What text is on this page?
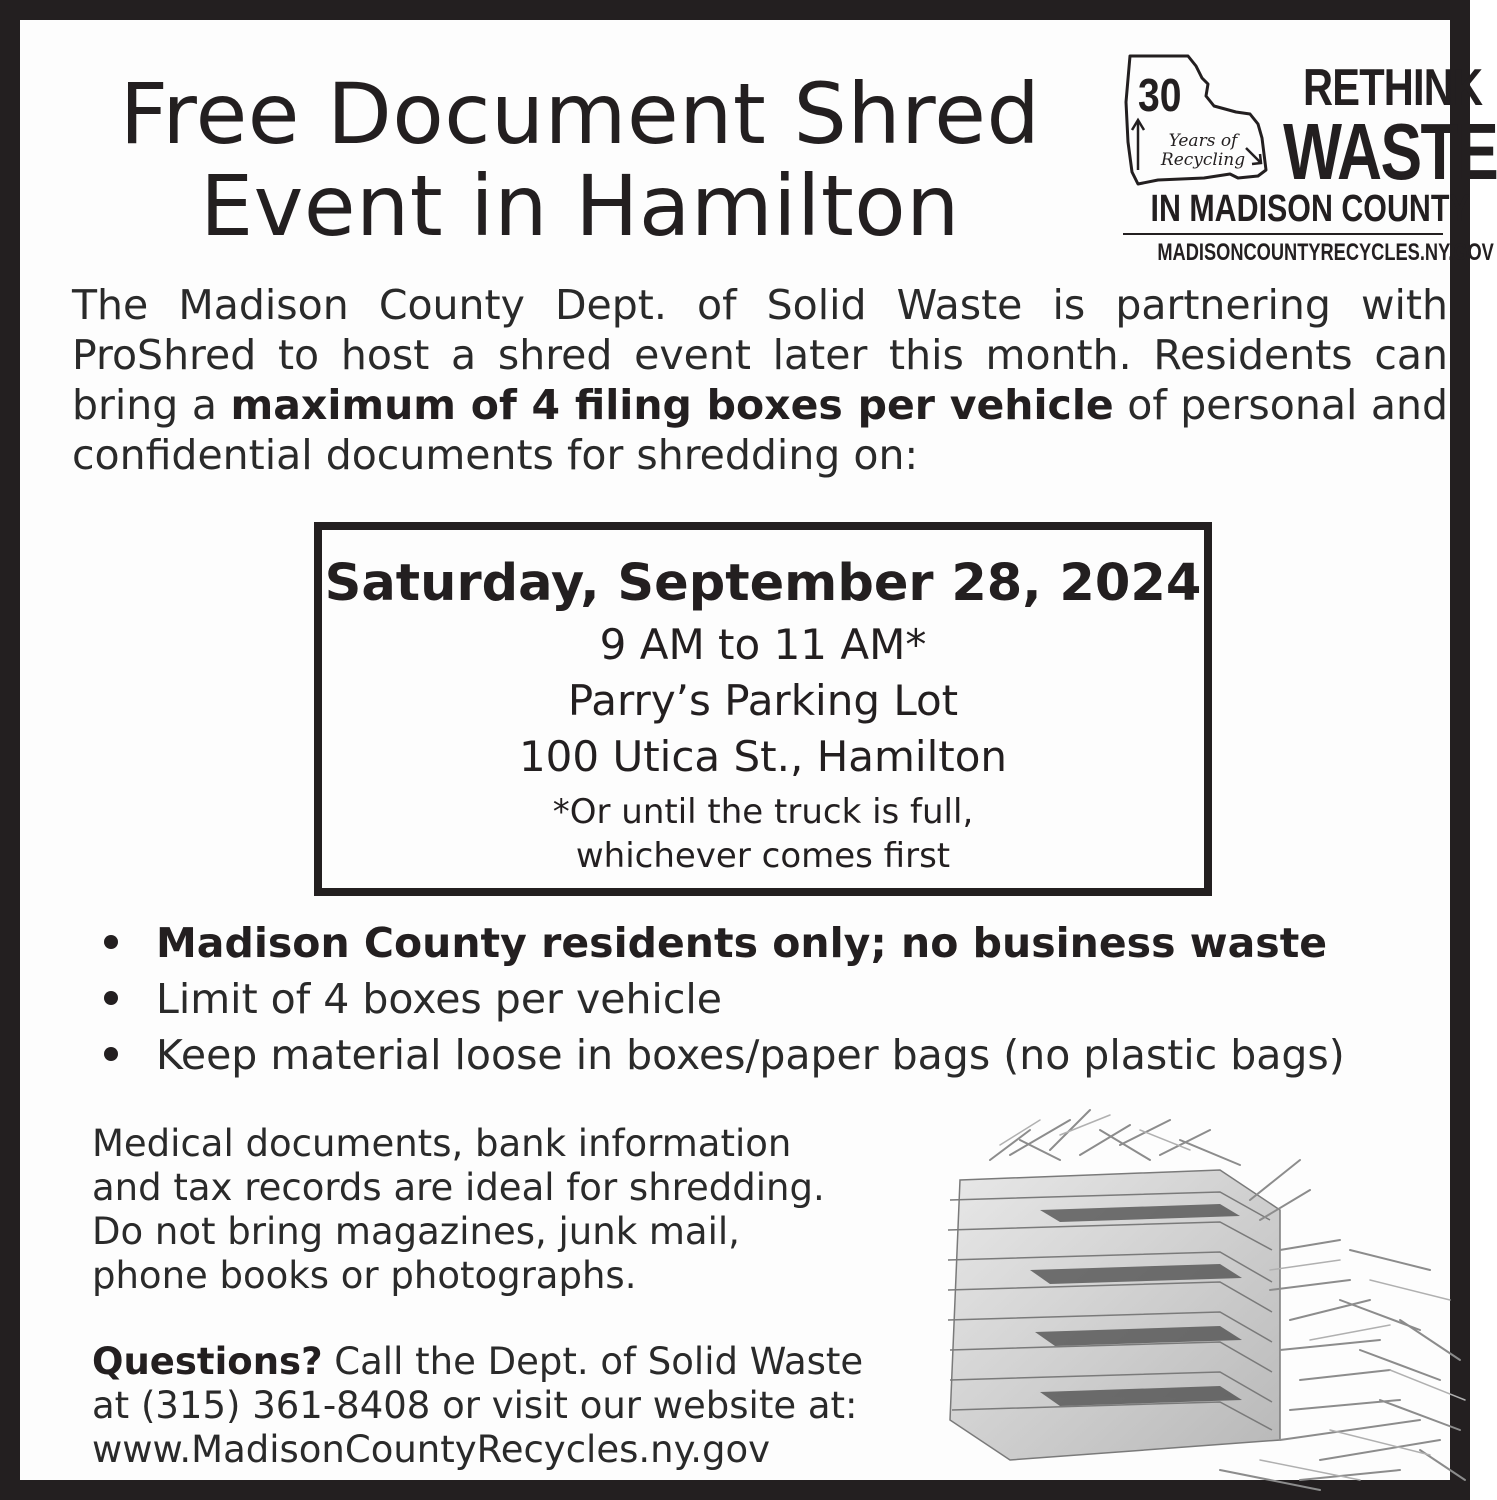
Free Document Shred
Event in Hamilton
30
Years of
Recycling
RETHINK
WASTE
IN MADISON COUNTY
MADISONCOUNTYRECYCLES.NY.GOV

The Madison County Dept. of Solid Waste is partnering with ProShred to host a shred event later this month. Residents can bring a maximum of 4 filing boxes per vehicle of personal and confidential documents for shredding on:

Saturday, September 28, 2024
9 AM to 11 AM*
Parry’s Parking Lot
100 Utica St., Hamilton
*Or until the truck is full,
whichever comes first
Madison County residents only; no business waste
Limit of 4 boxes per vehicle
Keep material loose in boxes/paper bags (no plastic bags)

Medical documents, bank information
and tax records are ideal for shredding.
Do not bring magazines, junk mail,
phone books or photographs.

Questions? Call the Dept. of Solid Waste
at (315) 361-8408 or visit our website at:
www.MadisonCountyRecycles.ny.gov
